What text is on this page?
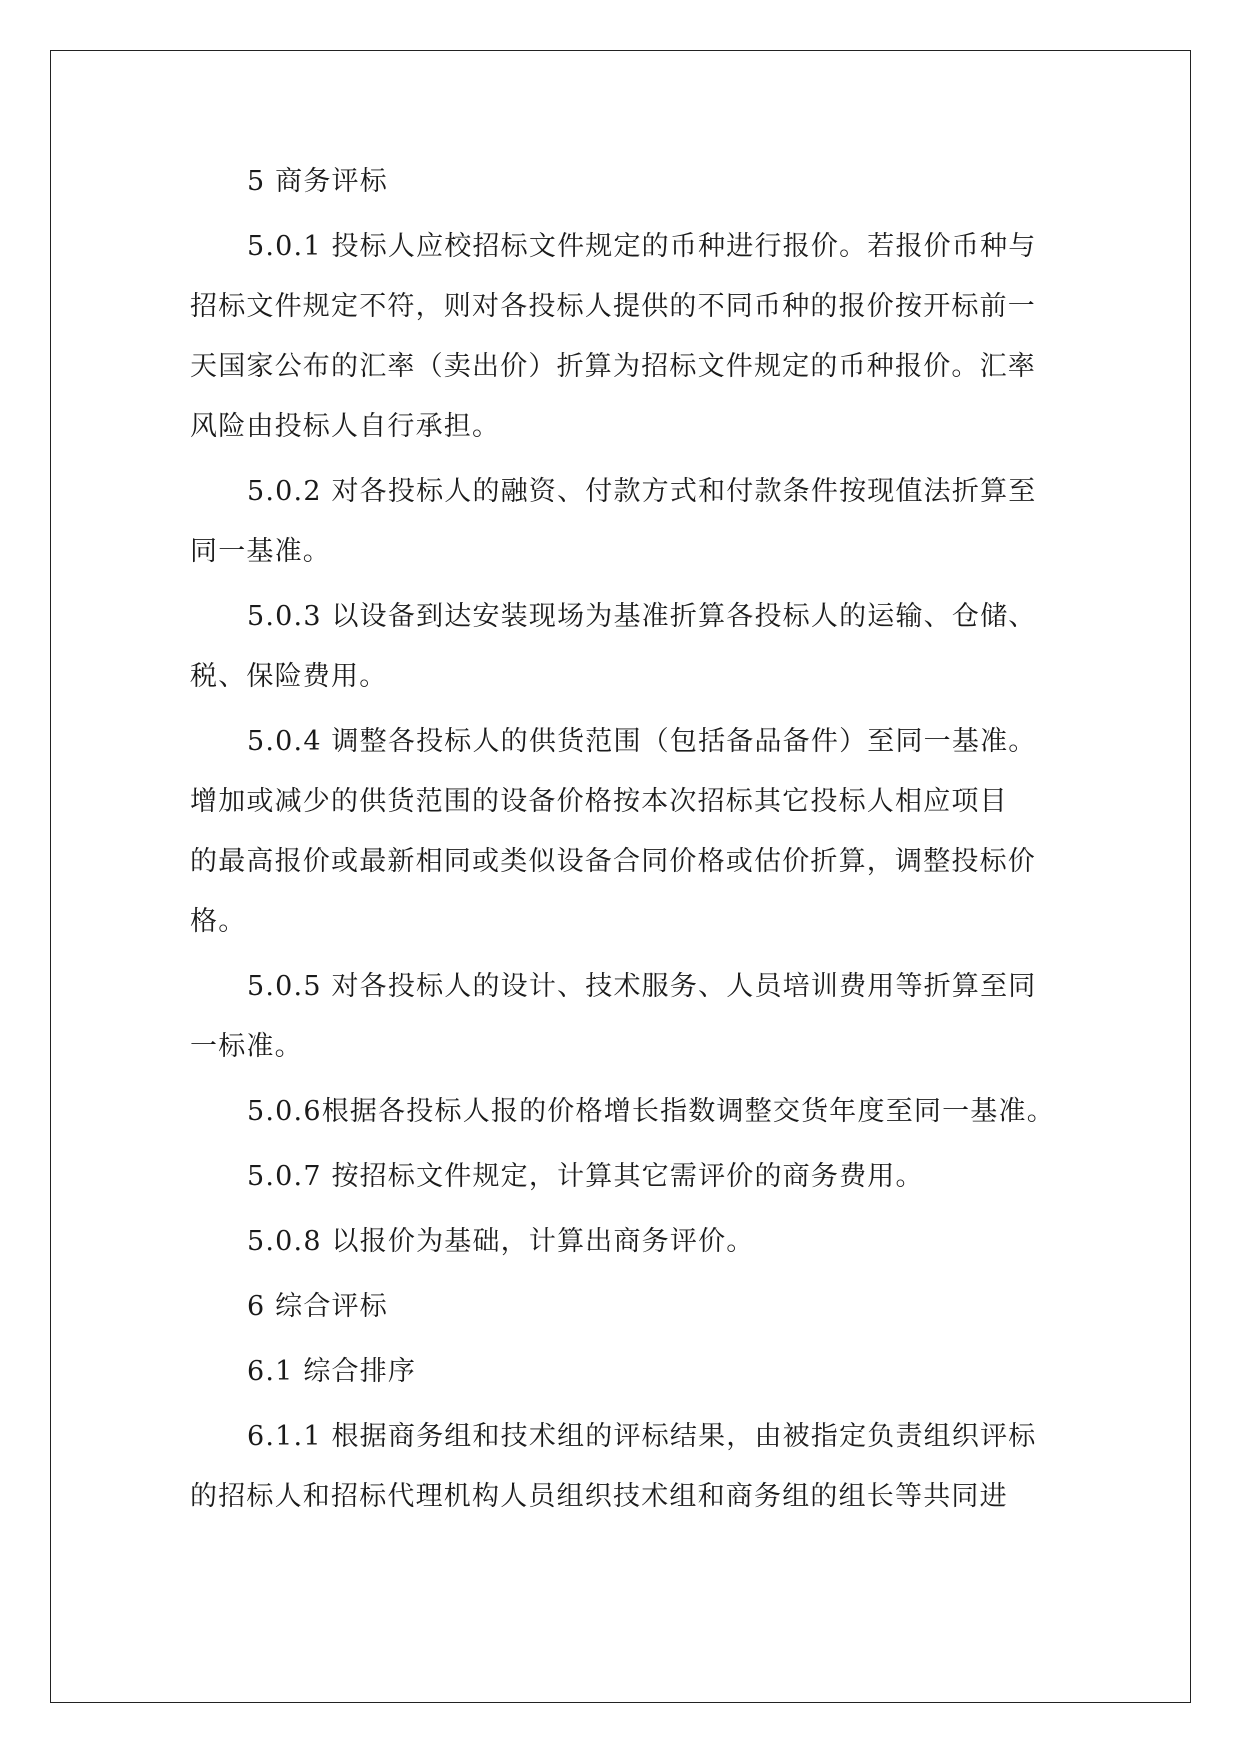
5 商务评标

5.0.1 投标人应校招标文件规定的币种进行报价。若报价币种与
招标文件规定不符，则对各投标人提供的不同币种的报价按开标前一
天国家公布的汇率（卖出价）折算为招标文件规定的币种报价。汇率
风险由投标人自行承担。

5.0.2 对各投标人的融资、付款方式和付款条件按现值法折算至
同一基准。

5.0.3 以设备到达安装现场为基准折算各投标人的运输、仓储、
税、保险费用。

5.0.4 调整各投标人的供货范围（包括备品备件）至同一基准。
增加或减少的供货范围的设备价格按本次招标其它投标人相应项目
的最高报价或最新相同或类似设备合同价格或估价折算，调整投标价
格。

5.0.5 对各投标人的设计、技术服务、人员培训费用等折算至同
一标准。

5.0.6根据各投标人报的价格增长指数调整交货年度至同一基准。

5.0.7 按招标文件规定，计算其它需评价的商务费用。

5.0.8 以报价为基础，计算出商务评价。

6 综合评标

6.1 综合排序

6.1.1 根据商务组和技术组的评标结果，由被指定负责组织评标
的招标人和招标代理机构人员组织技术组和商务组的组长等共同进
